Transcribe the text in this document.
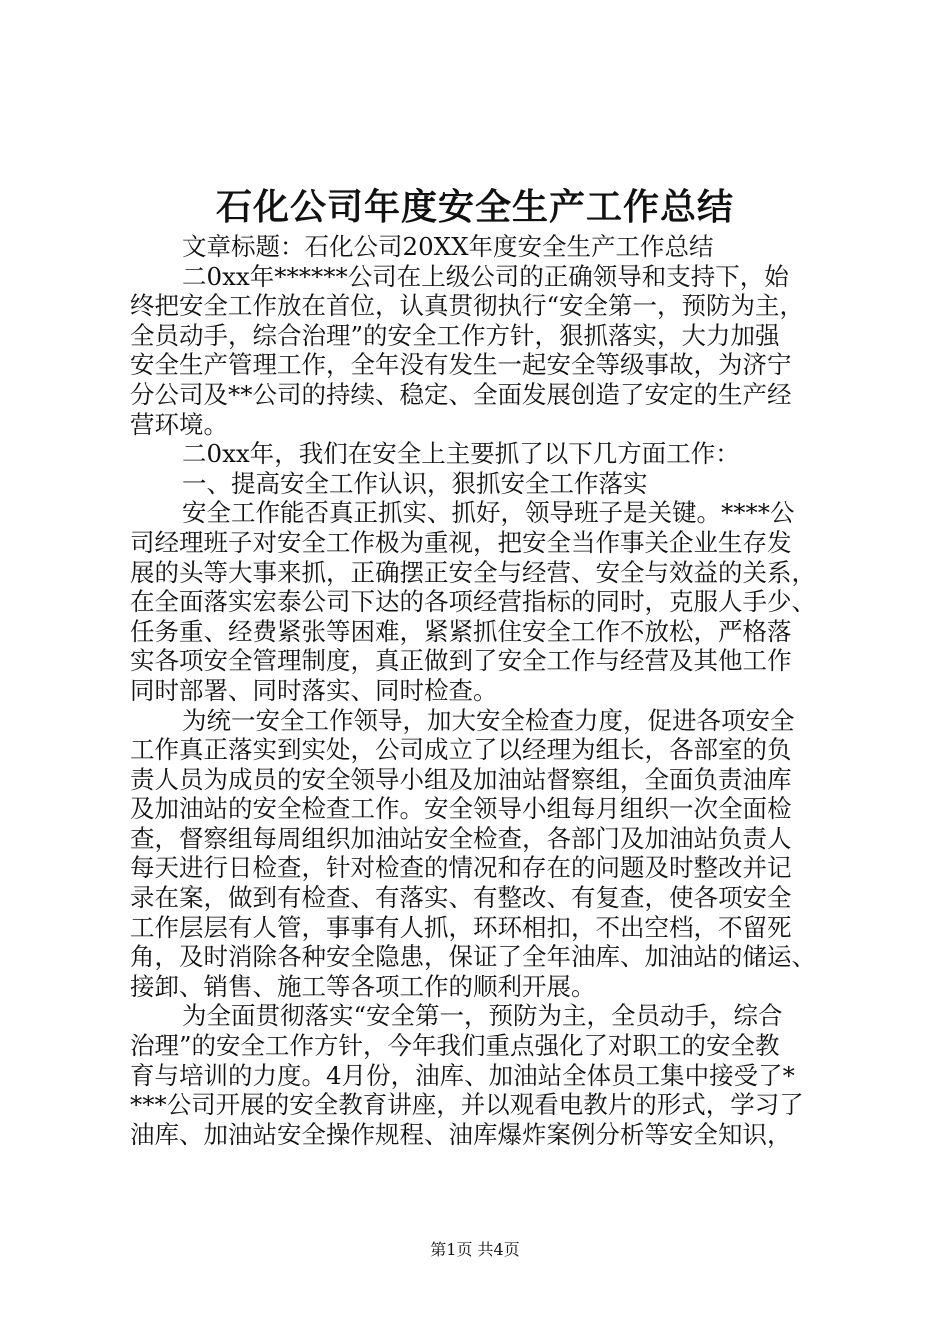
石化公司年度安全生产工作总结
文章标题：石化公司20XX年度安全生产工作总结
二0xx年******公司在上级公司的正确领导和支持下，始
终把安全工作放在首位，认真贯彻执行“安全第一，预防为主，
全员动手，综合治理”的安全工作方针，狠抓落实，大力加强
安全生产管理工作，全年没有发生一起安全等级事故，为济宁
分公司及**公司的持续、稳定、全面发展创造了安定的生产经
营环境。
二0xx年，我们在安全上主要抓了以下几方面工作：
一、提高安全工作认识，狠抓安全工作落实
安全工作能否真正抓实、抓好，领导班子是关键。****公
司经理班子对安全工作极为重视，把安全当作事关企业生存发
展的头等大事来抓，正确摆正安全与经营、安全与效益的关系，
在全面落实宏泰公司下达的各项经营指标的同时，克服人手少、
任务重、经费紧张等困难，紧紧抓住安全工作不放松，严格落
实各项安全管理制度，真正做到了安全工作与经营及其他工作
同时部署、同时落实、同时检查。
为统一安全工作领导，加大安全检查力度，促进各项安全
工作真正落实到实处，公司成立了以经理为组长，各部室的负
责人员为成员的安全领导小组及加油站督察组，全面负责油库
及加油站的安全检查工作。安全领导小组每月组织一次全面检
查，督察组每周组织加油站安全检查，各部门及加油站负责人
每天进行日检查，针对检查的情况和存在的问题及时整改并记
录在案，做到有检查、有落实、有整改、有复查，使各项安全
工作层层有人管，事事有人抓，环环相扣，不出空档，不留死
角，及时消除各种安全隐患，保证了全年油库、加油站的储运、
接卸、销售、施工等各项工作的顺利开展。
为全面贯彻落实“安全第一，预防为主，全员动手，综合
治理”的安全工作方针，今年我们重点强化了对职工的安全教
育与培训的力度。4月份，油库、加油站全体员工集中接受了*
***公司开展的安全教育讲座，并以观看电教片的形式，学习了
油库、加油站安全操作规程、油库爆炸案例分析等安全知识，
第1页 共4页
